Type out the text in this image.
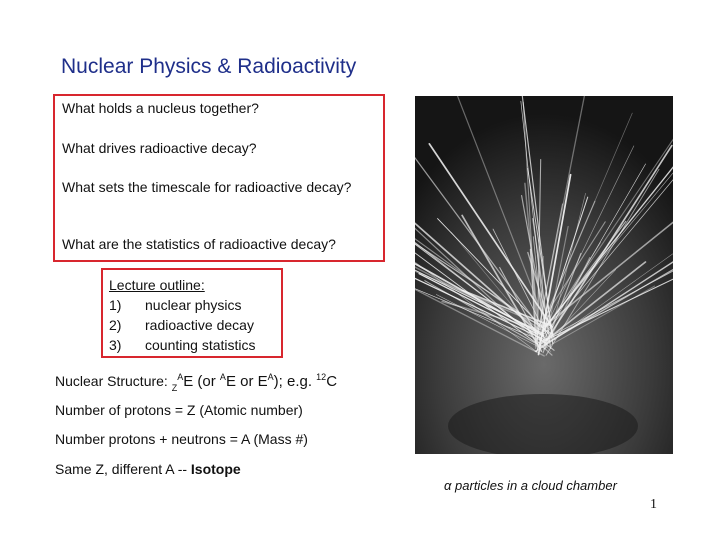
Nuclear Physics & Radioactivity
What holds a nucleus together?
What drives radioactive decay?
What sets the timescale for radioactive decay?
What are the statistics of radioactive decay?
Lecture outline:
1) nuclear physics
2) radioactive decay
3) counting statistics
Nuclear Structure: $_Z^A$E (or $^A$E or $E^A$); e.g. $^{12}$C
Number of protons = Z (Atomic number)
Number protons + neutrons = A (Mass #)
Same Z, different A -- Isotope
α particles in a cloud chamber
1
